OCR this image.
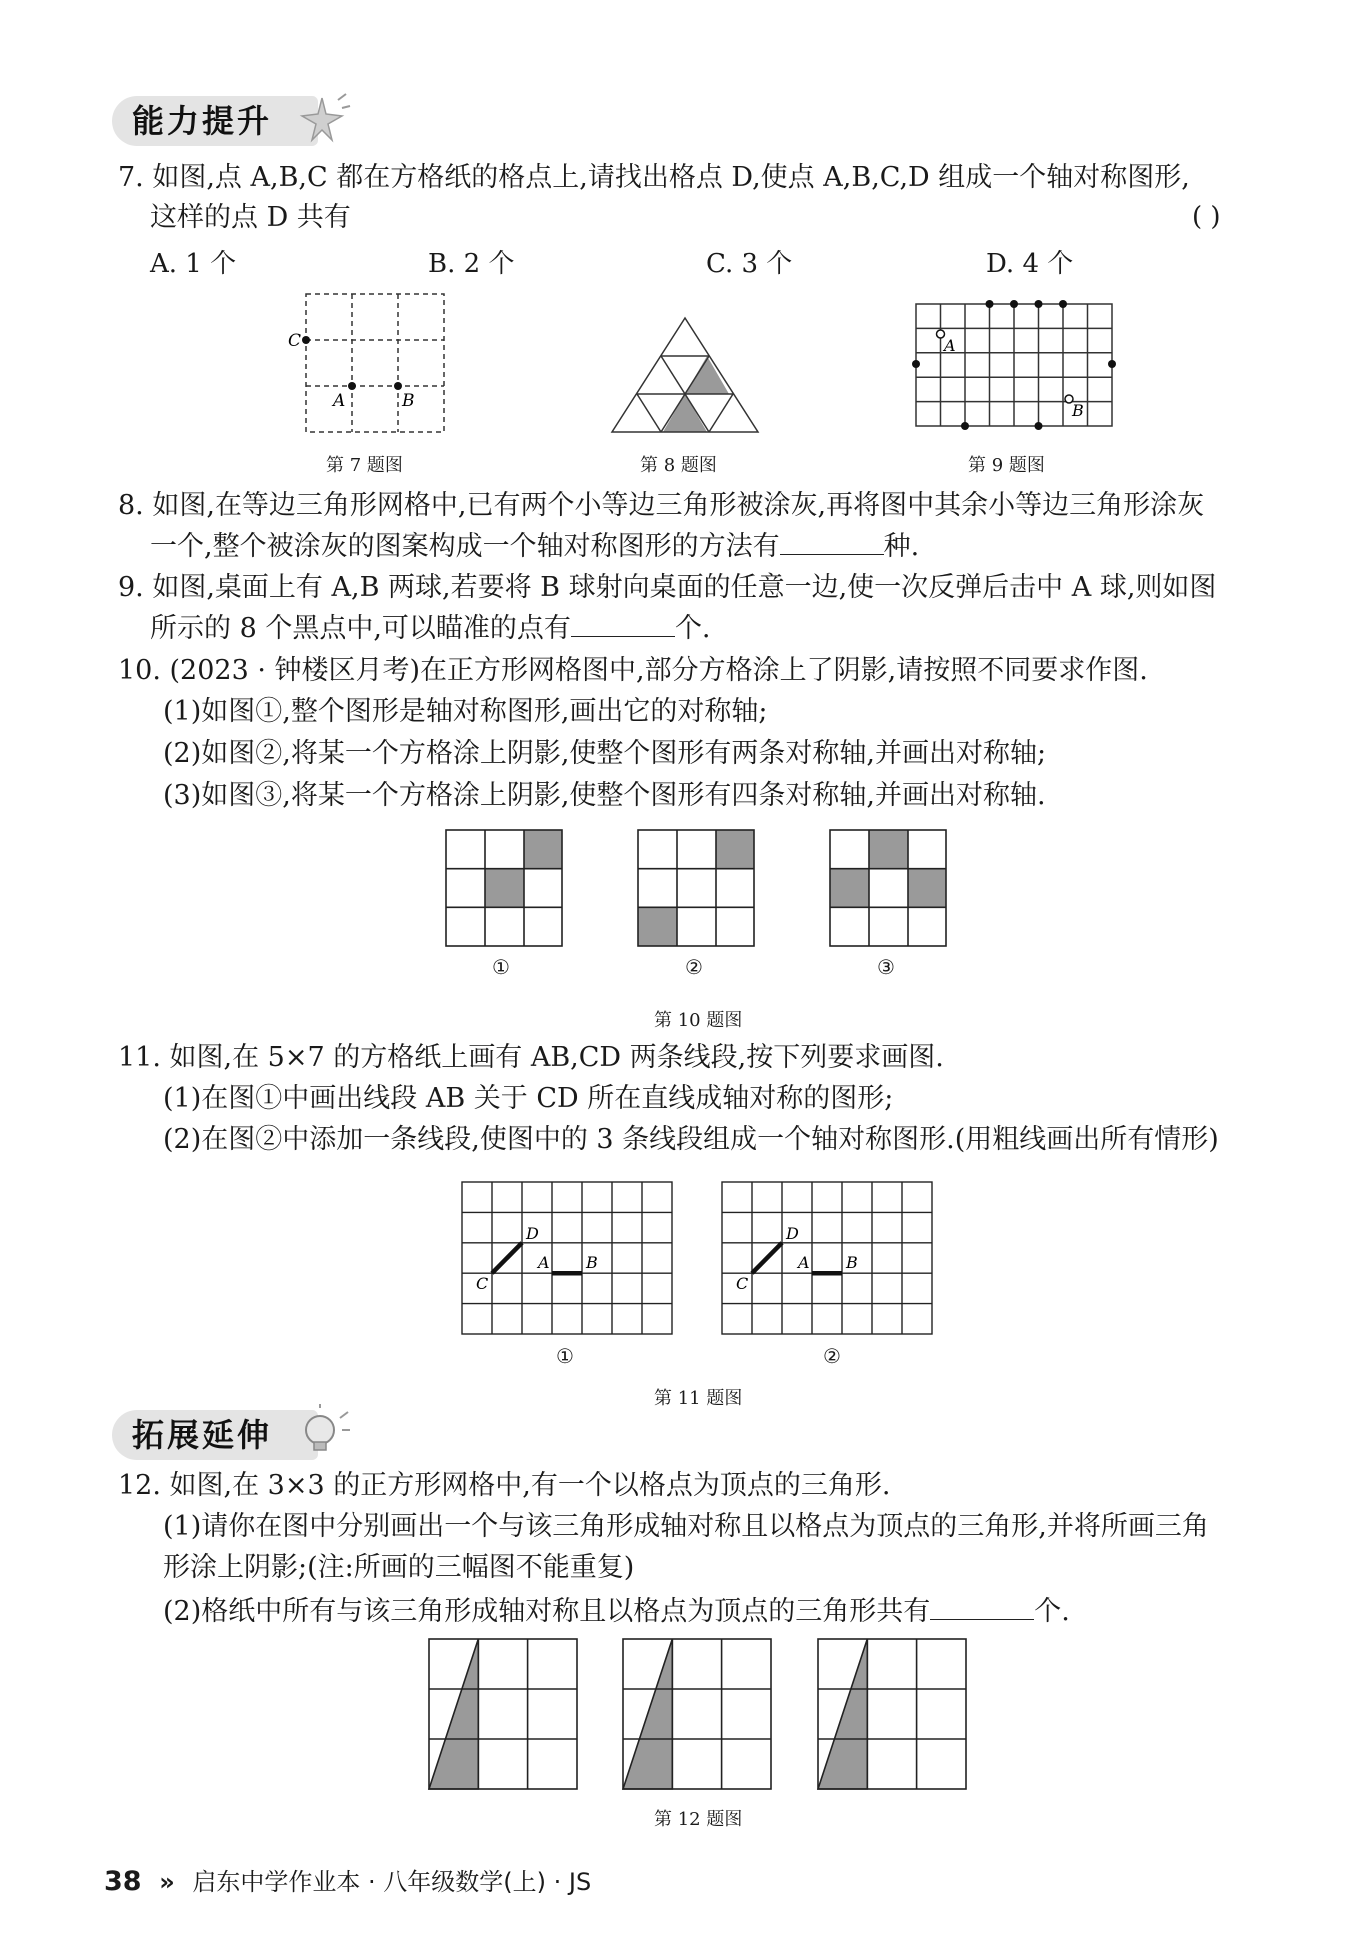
能力提升
7. 如图,点 A,B,C 都在方格纸的格点上,请找出格点 D,使点 A,B,C,D 组成一个轴对称图形,
这样的点 D 共有	( )
A. 1 个	B. 2 个	C. 3 个	D. 4 个
C
A	B
第 7 题图	第 8 题图
A
B
第 9 题图
8. 如图,在等边三角形网格中,已有两个小等边三角形被涂灰,再将图中其余小等边三角形涂灰
一个,整个被涂灰的图案构成一个轴对称图形的方法有	种.
9. 如图,桌面上有 A,B 两球,若要将 B 球射向桌面的任意一边,使一次反弹后击中 A 球,则如图
所示的 8 个黑点中,可以瞄准的点有	个.
10. (2023 · 钟楼区月考)在正方形网格图中,部分方格涂上了阴影,请按照不同要求作图.
(1)如图①,整个图形是轴对称图形,画出它的对称轴;
(2)如图②,将某一个方格涂上阴影,使整个图形有两条对称轴,并画出对称轴;
(3)如图③,将某一个方格涂上阴影,使整个图形有四条对称轴,并画出对称轴.
①	②	③
第 10 题图
11. 如图,在 5×7 的方格纸上画有 AB,CD 两条线段,按下列要求画图.
(1)在图①中画出线段 AB 关于 CD 所在直线成轴对称的图形;
(2)在图②中添加一条线段,使图中的 3 条线段组成一个轴对称图形.(用粗线画出所有情形)
C
D
A B
C
D
A B
①	②
第 11 题图
拓展延伸
12. 如图,在 3×3 的正方形网格中,有一个以格点为顶点的三角形.
(1)请你在图中分别画出一个与该三角形成轴对称且以格点为顶点的三角形,并将所画三角
形涂上阴影;(注:所画的三幅图不能重复)
(2)格纸中所有与该三角形成轴对称且以格点为顶点的三角形共有	个.
第 12 题图
38 » 启东中学作业本 · 八年级数学(上) · JS
